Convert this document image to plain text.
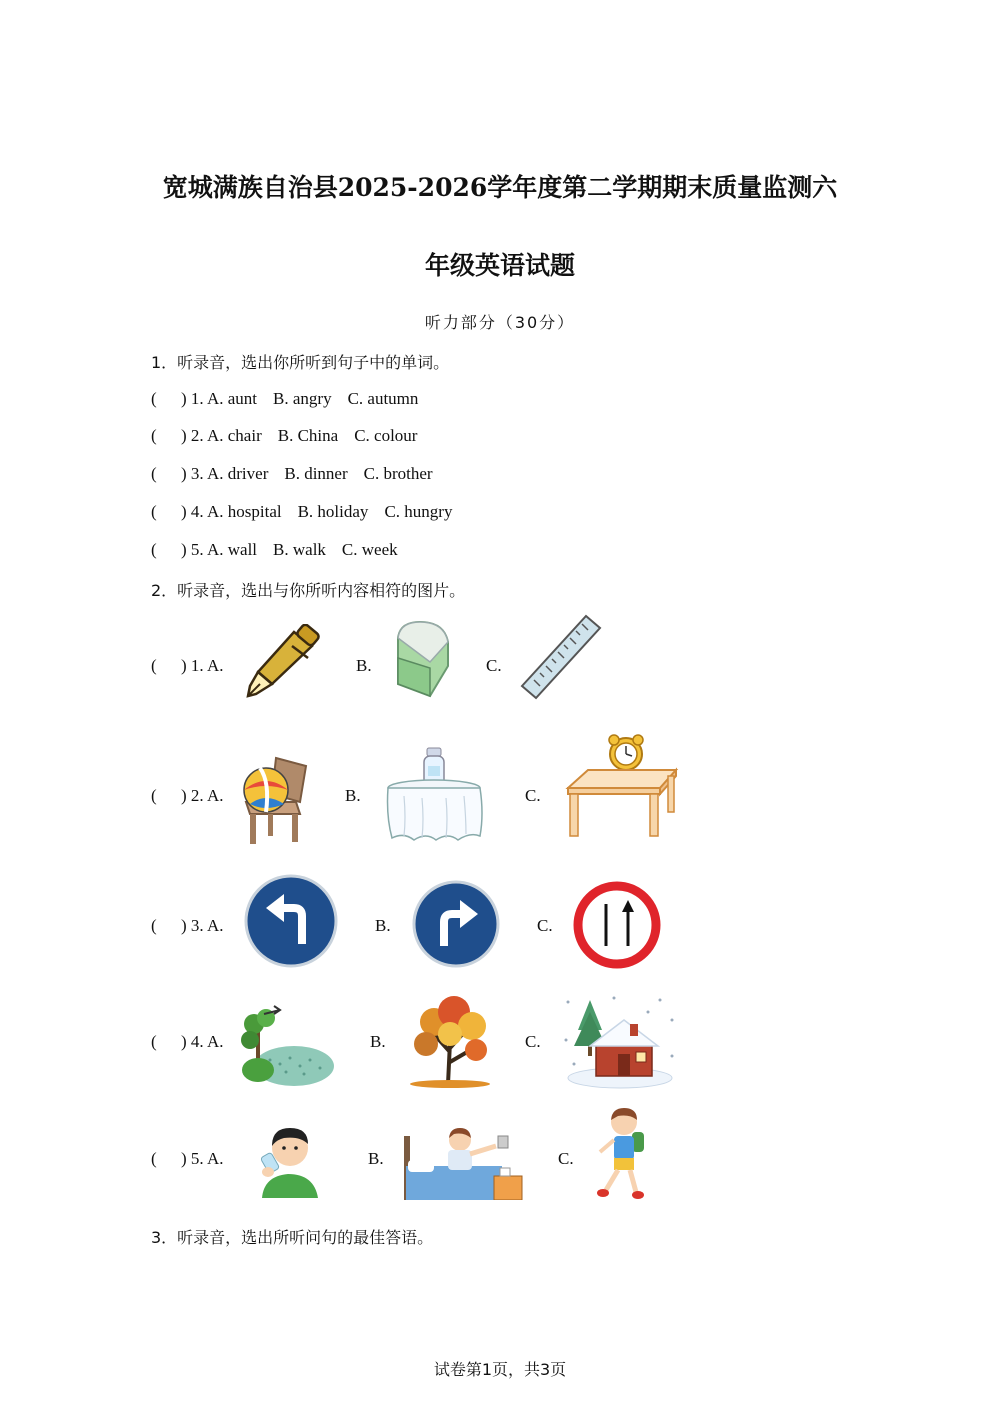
宽城满族自治县2025-2026学年度第二学期期末质量监测六
年级英语试题
听力部分（30分）
1．听录音，选出你所听到句子中的单词。
( ) 1. A. aunt B. angry C. autumn
( ) 2. A. chair B. China C. colour
( ) 3. A. driver B. dinner C. brother
( ) 4. A. hospital B. holiday C. hungry
( ) 5. A. wall B. walk C. week
2．听录音，选出与你所听内容相符的图片。
( ) 1. A.	B.	C.
( ) 2. A.	B.	C.
( ) 3. A.	B.	C.
( ) 4. A.	B.	C.
( ) 5. A.	B.	C.
3．听录音，选出所听问句的最佳答语。
试卷第1页，共3页
